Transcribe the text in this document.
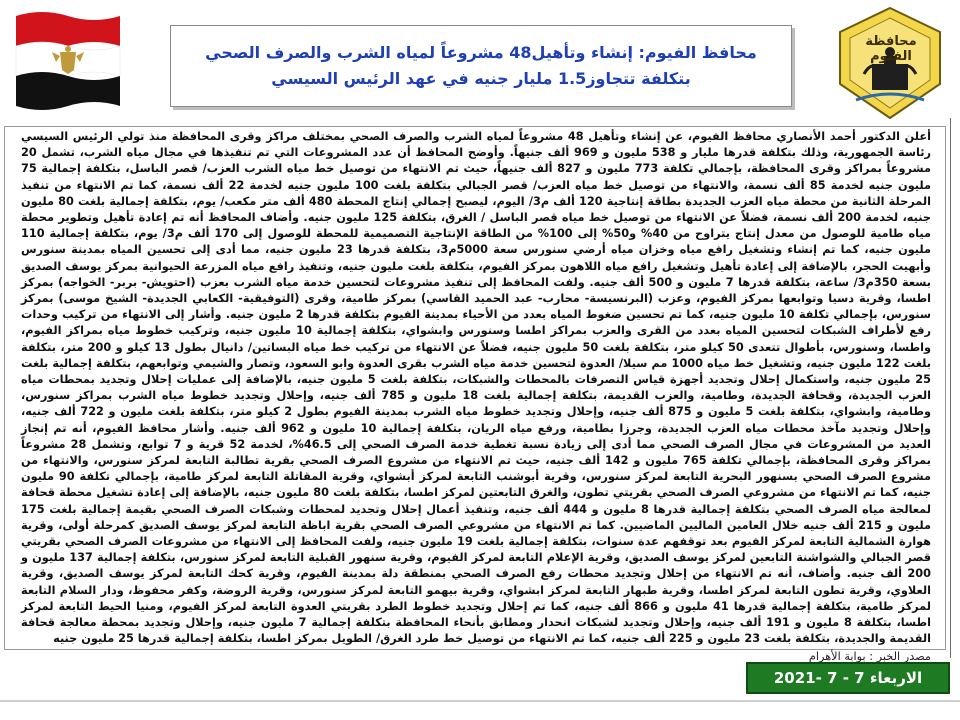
محافظ الفيوم: إنشاء وتأهيل48 مشروعاً لمياه الشرب والصرف الصحي بتكلفة تتجاوز1.5 مليار جنيه في عهد الرئيس السيسي
محافظة الفيوم
أعلن الدكتور أحمد الأنصاري محافظ الفيوم، عن إنشاء وتأهيل 48 مشروعاً لمياه الشرب والصرف الصحي بمختلف مراكز وقرى المحافظة منذ تولي الرئيس السيسي رئاسة الجمهورية، وذلك بتكلفة قدرها مليار و 538 مليون و 969 ألف جنيهاً. وأوضح المحافظ أن عدد المشروعات التي تم تنفيذها في مجال مياه الشرب، تشمل 20 مشروعاً بمراكز وقرى المحافظة، بإجمالي تكلفة 773 مليون و 827 ألف جنيهاً، حيث تم الانتهاء من توصيل خط مياه الشرب العزب/ قصر الباسل، بتكلفة إجمالية 75 مليون جنيه لخدمة 85 ألف نسمة، والانتهاء من توصيل خط مياه العزب/ قصر الجبالي بتكلفة بلغت 100 مليون جنيه لخدمة 22 ألف نسمة، كما تم الانتهاء من تنفيذ المرحلة الثانية من محطة مياه العزب الجديدة بطاقة إنتاجية 120 ألف م3/ اليوم، ليصبح إجمالي إنتاج المحطة 480 ألف متر مكعب/ يوم، بتكلفة إجمالية بلغت 80 مليون جنيه، لخدمة 200 ألف نسمة، فضلاً عن الانتهاء من توصيل خط مياه قصر الباسل / الغرق، بتكلفة 125 مليون جنيه. وأضاف المحافظ أنه تم إعادة تأهيل وتطوير محطة مياه طامية للوصول من معدل إنتاج يتراوح من 40% و50% إلى 100% من الطاقة الإنتاجية التصميمية للمحطة للوصول إلى 170 ألف م3/ يوم، بتكلفة إجمالية 110 مليون جنيه، كما تم إنشاء وتشغيل رافع مياه وخزان مياه أرضي سنورس سعة 5000م3، بتكلفة قدرها 23 مليون جنيه، مما أدى إلى تحسين المياه بمدينة سنورس وأبهيت الحجر، بالإضافة إلى إعادة تأهيل وتشغيل رافع مياه اللاهون بمركز الفيوم، بتكلفة بلغت مليون جنيه، وتنفيذ رافع مياه المزرعة الحيوانية بمركز يوسف الصديق بسعة 350م3/ ساعة، بتكلفة قدرها 7 مليون و 500 ألف جنيه. ولفت المحافظ إلى تنفيذ مشروعات لتحسين خدمة مياه الشرب بعزب (احتويش- بربر- الخواجه) بمركز اطسا، وقرية دسيا وتوابعها بمركز الفيوم، وعزب (البرنسيسة- محارب- عبد الحميد القاسي) بمركز طامية، وقرى (التوفيقية- الكعابي الجديدة- الشيخ موسى) بمركز سنورس، بإجمالي تكلفة 10 مليون جنيه، كما تم تحسين ضغوط المياه بعدد من الأحياء بمدينة الفيوم بتكلفة قدرها 2 مليون جنيه. وأشار إلى الانتهاء من تركيب وحدات رفع لأطراف الشبكات لتحسين المياه بعدد من القرى والعزب بمراكز اطسا وسنورس وابشواي، بتكلفة إجمالية 10 مليون جنيه، وتركيب خطوط مياه بمراكز الفيوم، واطسا، وسنورس، بأطوال تتعدى 50 كيلو متر، بتكلفة بلغت 50 مليون جنيه، فضلاً عن الانتهاء من تركيب خط مياه البساتين/ دانيال بطول 13 كيلو و 200 متر، بتكلفة بلغت 122 مليون جنيه، وتشغيل خط مياه 1000 مم سيلا/ العدوة لتحسين خدمة مياه الشرب بقرى العدوة وابو السعود، وتصار والشيمي وتوابعهم، بتكلفة إجمالية بلغت 25 مليون جنيه، واستكمال إحلال وتجديد أجهزة قياس التصرفات بالمحطات والشبكات، بتكلفة بلغت 5 مليون جنيه، بالإضافة إلى عمليات إحلال وتجديد بمحطات مياه العزب الجديدة، وقحافة الجديدة، وطامية، والعزب القديمة، بتكلفة إجمالية بلغت 18 مليون و 785 ألف جنيه، وإحلال وتجديد خطوط مياه الشرب بمراكز سنورس، وطامية، وابشواي، بتكلفة بلغت 5 مليون و 875 ألف جنيه، وإحلال وتجديد خطوط مياه الشرب بمدينة الفيوم بطول 2 كيلو متر، بتكلفة بلغت مليون و 722 ألف جنيه، وإحلال وتجديد مآخذ محطات مياه العزب الجديدة، وجرزا بطامية، ورفع مياه الريان، بتكلفة إجمالية 10 مليون و 962 ألف جنيه. وأشار محافظ الفيوم، أنه تم إنجاز العديد من المشروعات في مجال الصرف الصحي مما أدى إلى زيادة نسبة تغطية خدمة الصرف الصحي إلى 46.5%، لخدمة 52 قرية و 7 توابع، وتشمل 28 مشروعاً بمراكز وقرى المحافظة، بإجمالي تكلفة 765 مليون و 142 ألف جنيه، حيث تم الانتهاء من مشروع الصرف الصحي بقرية تطالبة التابعة لمركز سنورس، والانتهاء من مشروع الصرف الصحي بسنهور البحرية التابعة لمركز سنورس، وقرية أبوشنب التابعة لمركز أبشواي، وقرية المقاتلة التابعة لمركز طامية، بإجمالي تكلفة 90 مليون جنيه، كما تم الانتهاء من مشروعي الصرف الصحي بقريتي تطون، والغرق التابعتين لمركز اطسا، بتكلفة بلغت 80 مليون جنيه، بالإضافة إلى إعادة تشغيل محطة قحافة لمعالجة مياه الصرف الصحي بتكلفة إجمالية قدرها 8 مليون و 444 ألف جنيه، وتنفيذ أعمال إحلال وتجديد لمحطات وشبكات الصرف الصحي بقيمة إجمالية بلغت 175 مليون و 215 ألف جنيه خلال العامين الماليين الماضيين. كما تم الانتهاء من مشروعي الصرف الصحي بقرية اباظة التابعة لمركز يوسف الصديق كمرحلة أولى، وقرية هوارة الشمالية التابعة لمركز الفيوم بعد توقفهم عدة سنوات، بتكلفة إجمالية بلغت 19 مليون جنيه، ولفت المحافظ إلى الانتهاء من مشروعات الصرف الصحي بقريتي قصر الجبالي والشواشنة التابعين لمركز يوسف الصديق، وقرية الإعلام التابعة لمركز الفيوم، وقرية سنهور القبلية التابعة لمركز سنورس، بتكلفة إجمالية 137 مليون و 200 ألف جنيه. وأضاف، أنه تم الانتهاء من إحلال وتجديد محطات رفع الصرف الصحي بمنطقة دلة بمدينة الفيوم، وقرية كحك التابعة لمركز يوسف الصديق، وقرية العلاوي، وقرية تطون التابعة لمركز اطسا، وقرية طبهار التابعة لمركز ابشواي، وقرية بيهمو التابعة لمركز سنورس، وقرية الروضة، وكفر محفوظ، ودار السلام التابعة لمركز طامية، بتكلفة إجمالية قدرها 41 مليون و 866 ألف جنيه، كما تم إحلال وتجديد خطوط الطرد بقريتي العدوة التابعة لمركز الفيوم، ومنيا الحيط التابعة لمركز اطسا، بتكلفة 8 مليون و 191 ألف جنيه، وإحلال وتجديد لشبكات انحدار ومطابق بأنحاء المحافظة بتكلفة إجمالية 7 مليون جنيه، وإحلال وتجديد بمحطة معالجة قحافة القديمة والجديدة، بتكلفة بلغت 23 مليون و 225 ألف جنيه، كما تم الانتهاء من توصيل خط طرد الغرق/ الطويل بمركز اطسا، بتكلفة إجمالية قدرها 25 مليون جنيه
مصدر الخبر : بوابة الأهرام
الاربعاء 7 - 7 -2021
